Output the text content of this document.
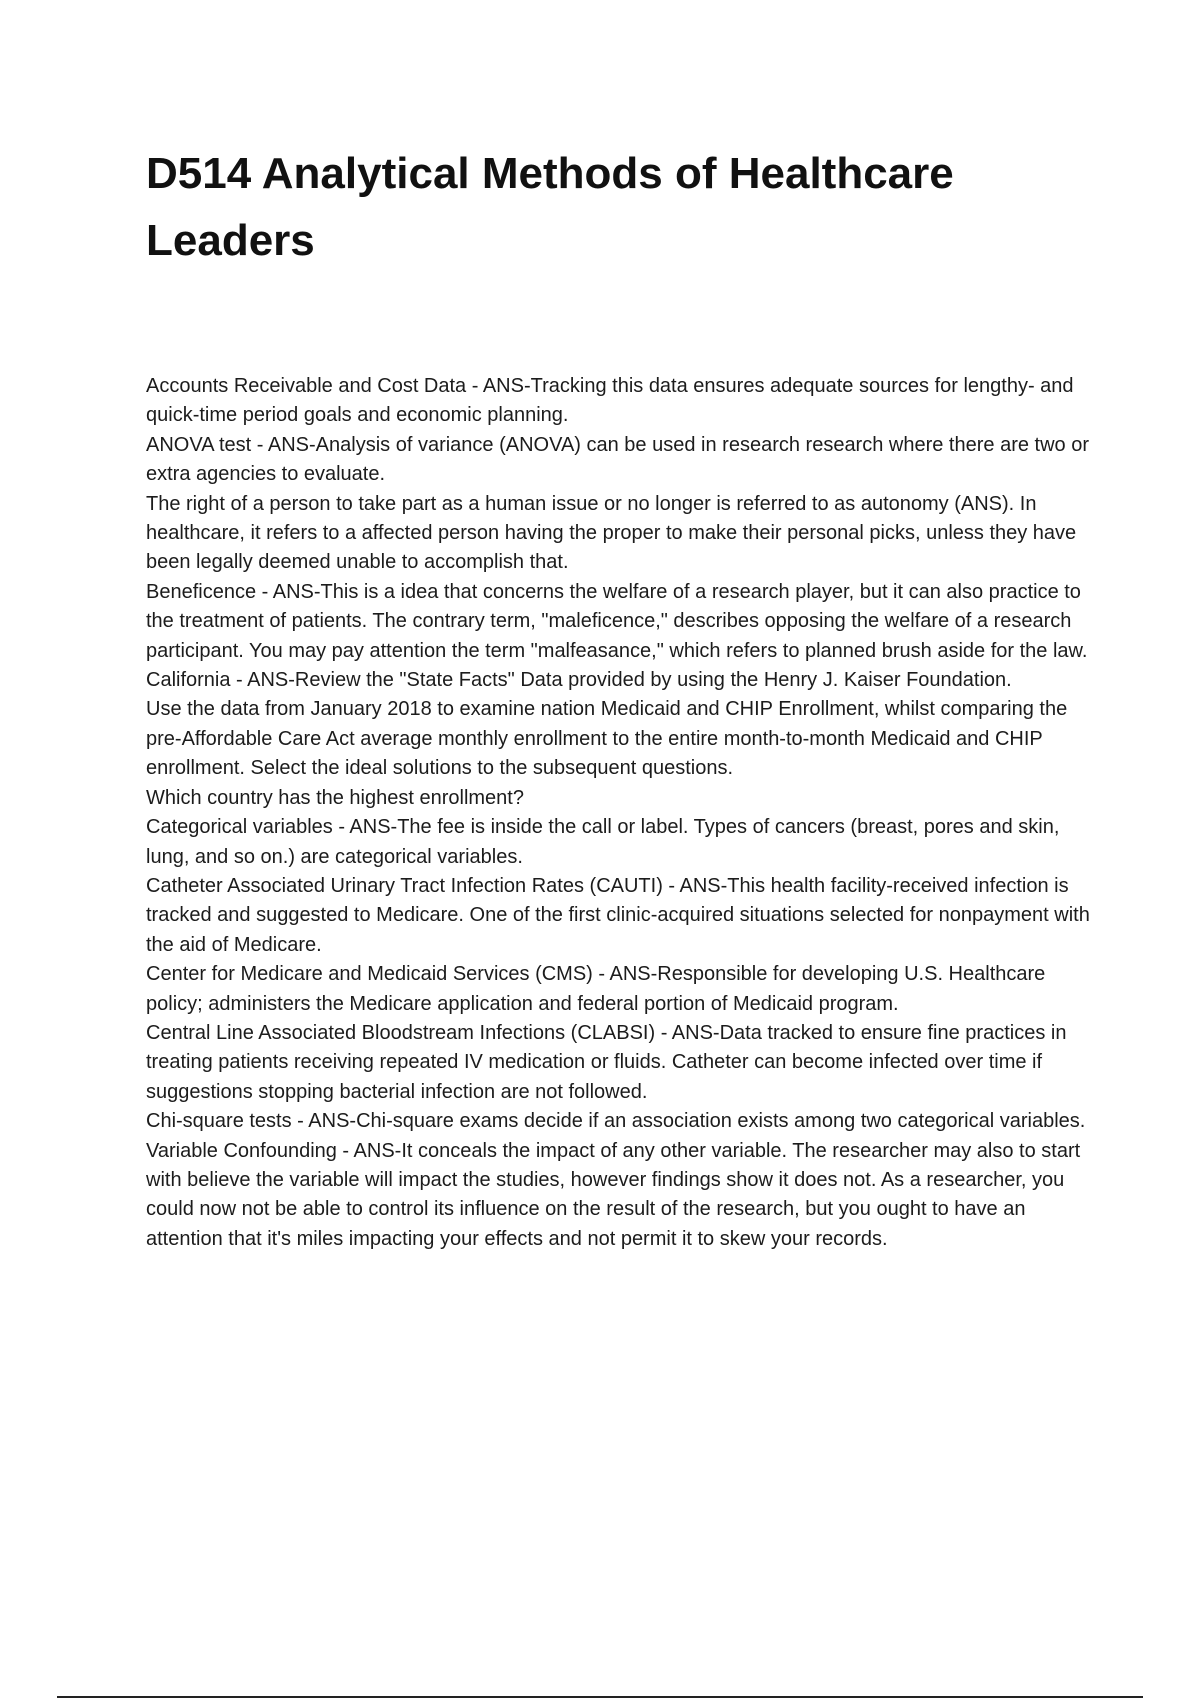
D514 Analytical Methods of Healthcare Leaders

Accounts Receivable and Cost Data - ANS-Tracking this data ensures adequate sources for lengthy- and quick-time period goals and economic planning.
ANOVA test - ANS-Analysis of variance (ANOVA) can be used in research research where there are two or extra agencies to evaluate.
The right of a person to take part as a human issue or no longer is referred to as autonomy (ANS). In healthcare, it refers to a affected person having the proper to make their personal picks, unless they have been legally deemed unable to accomplish that.
Beneficence - ANS-This is a idea that concerns the welfare of a research player, but it can also practice to the treatment of patients. The contrary term, "maleficence," describes opposing the welfare of a research participant. You may pay attention the term "malfeasance," which refers to planned brush aside for the law. California - ANS-Review the "State Facts" Data provided by using the Henry J. Kaiser Foundation.
Use the data from January 2018 to examine nation Medicaid and CHIP Enrollment, whilst comparing the pre-Affordable Care Act average monthly enrollment to the entire month-to-month Medicaid and CHIP enrollment. Select the ideal solutions to the subsequent questions.
Which country has the highest enrollment?
Categorical variables - ANS-The fee is inside the call or label. Types of cancers (breast, pores and skin, lung, and so on.) are categorical variables.
Catheter Associated Urinary Tract Infection Rates (CAUTI) - ANS-This health facility-received infection is tracked and suggested to Medicare. One of the first clinic-acquired situations selected for nonpayment with the aid of Medicare.
Center for Medicare and Medicaid Services (CMS) - ANS-Responsible for developing U.S. Healthcare policy; administers the Medicare application and federal portion of Medicaid program.
Central Line Associated Bloodstream Infections (CLABSI) - ANS-Data tracked to ensure fine practices in treating patients receiving repeated IV medication or fluids. Catheter can become infected over time if suggestions stopping bacterial infection are not followed.
Chi-square tests - ANS-Chi-square exams decide if an association exists among two categorical variables.
Variable Confounding - ANS-It conceals the impact of any other variable. The researcher may also to start with believe the variable will impact the studies, however findings show it does not. As a researcher, you could now not be able to control its influence on the result of the research, but you ought to have an attention that it's miles impacting your effects and not permit it to skew your records.
